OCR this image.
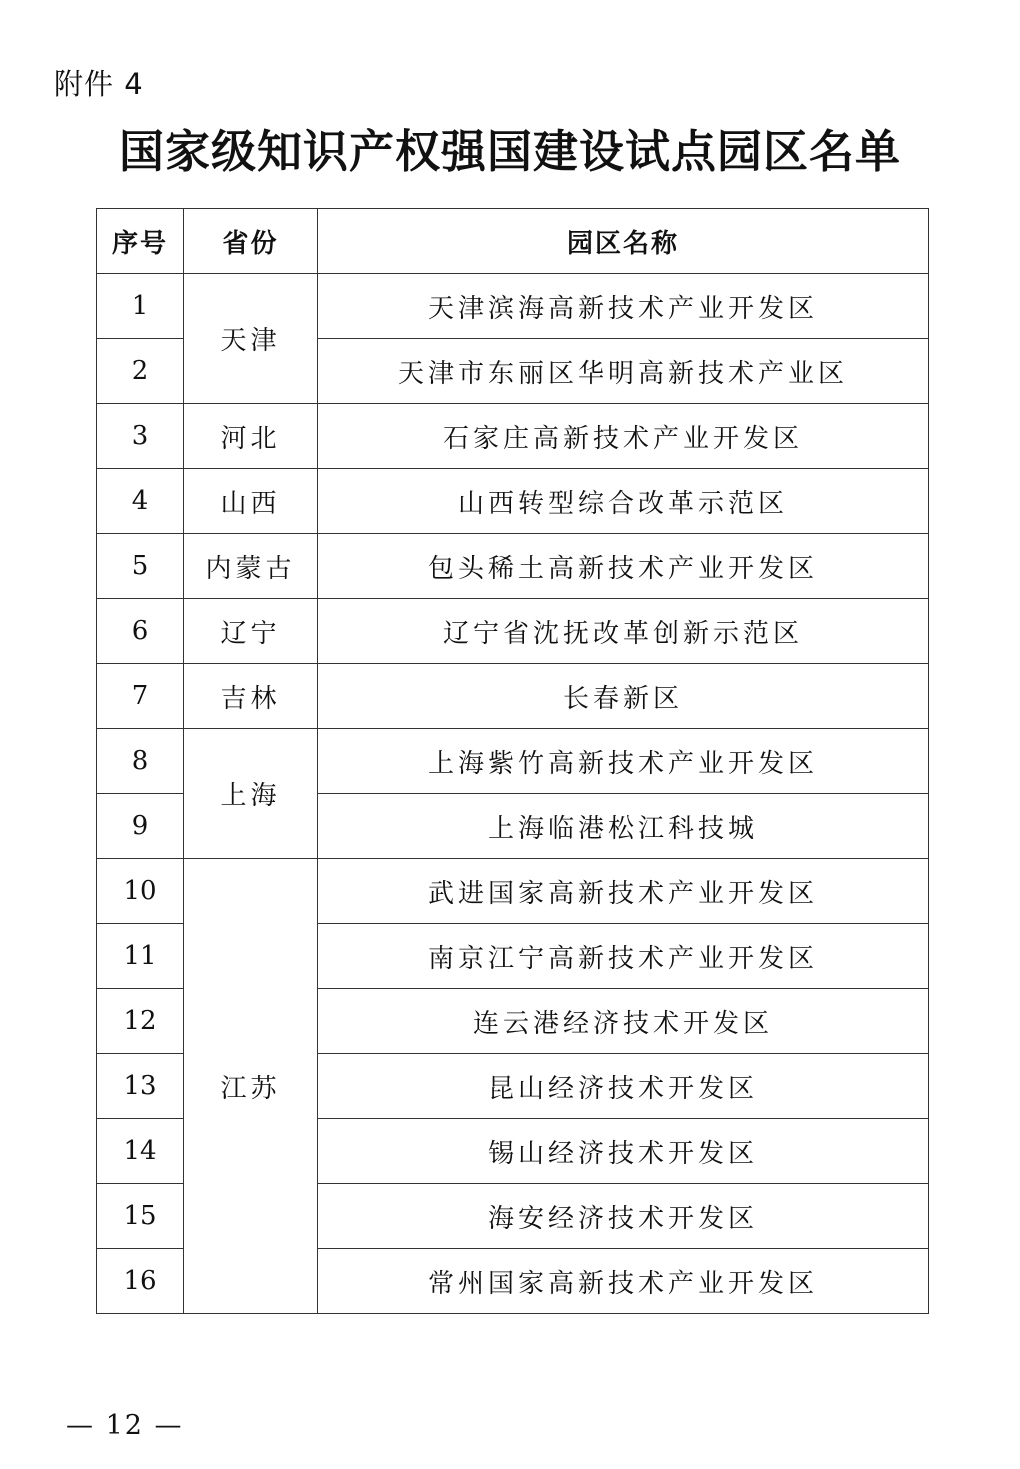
附件 4
国家级知识产权强国建设试点园区名单
序号	省份	园区名称
1	天津	天津滨海高新技术产业开发区
2		天津市东丽区华明高新技术产业区
3	河北	石家庄高新技术产业开发区
4	山西	山西转型综合改革示范区
5	内蒙古	包头稀土高新技术产业开发区
6	辽宁	辽宁省沈抚改革创新示范区
7	吉林	长春新区
8	上海	上海紫竹高新技术产业开发区
9		上海临港松江科技城
10	江苏	武进国家高新技术产业开发区
11		南京江宁高新技术产业开发区
12		连云港经济技术开发区
13		昆山经济技术开发区
14		锡山经济技术开发区
15		海安经济技术开发区
16		常州国家高新技术产业开发区
— 12 —
